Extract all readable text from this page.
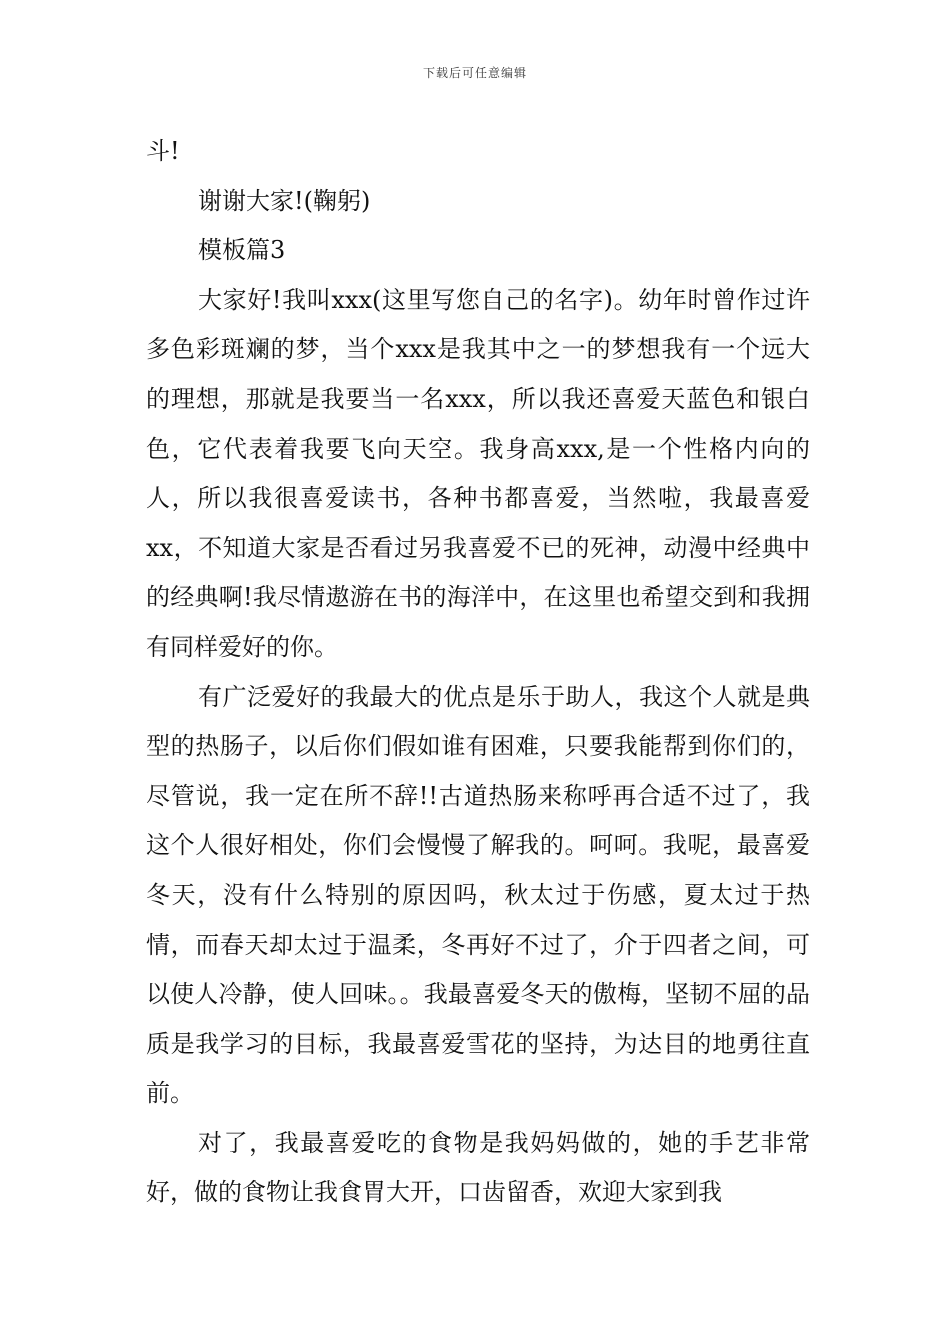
下载后可任意编辑

斗!

谢谢大家!(鞠躬)

模板篇3

大家好!我叫xxx(这里写您自己的名字)。幼年时曾作过许多色彩斑斓的梦，当个xxx是我其中之一的梦想我有一个远大的理想，那就是我要当一名xxx，所以我还喜爱天蓝色和银白色，它代表着我要飞向天空。我身高xxx,是一个性格内向的人，所以我很喜爱读书，各种书都喜爱，当然啦，我最喜爱xx，不知道大家是否看过另我喜爱不已的死神，动漫中经典中的经典啊!我尽情遨游在书的海洋中，在这里也希望交到和我拥有同样爱好的你。

有广泛爱好的我最大的优点是乐于助人，我这个人就是典型的热肠子，以后你们假如谁有困难，只要我能帮到你们的，尽管说，我一定在所不辞!!古道热肠来称呼再合适不过了，我这个人很好相处，你们会慢慢了解我的。呵呵。我呢，最喜爱冬天，没有什么特别的原因吗，秋太过于伤感，夏太过于热情，而春天却太过于温柔，冬再好不过了，介于四者之间，可以使人冷静，使人回味。。我最喜爱冬天的傲梅，坚韧不屈的品质是我学习的目标，我最喜爱雪花的坚持，为达目的地勇往直前。

对了，我最喜爱吃的食物是我妈妈做的，她的手艺非常好，做的食物让我食胃大开，口齿留香，欢迎大家到我
